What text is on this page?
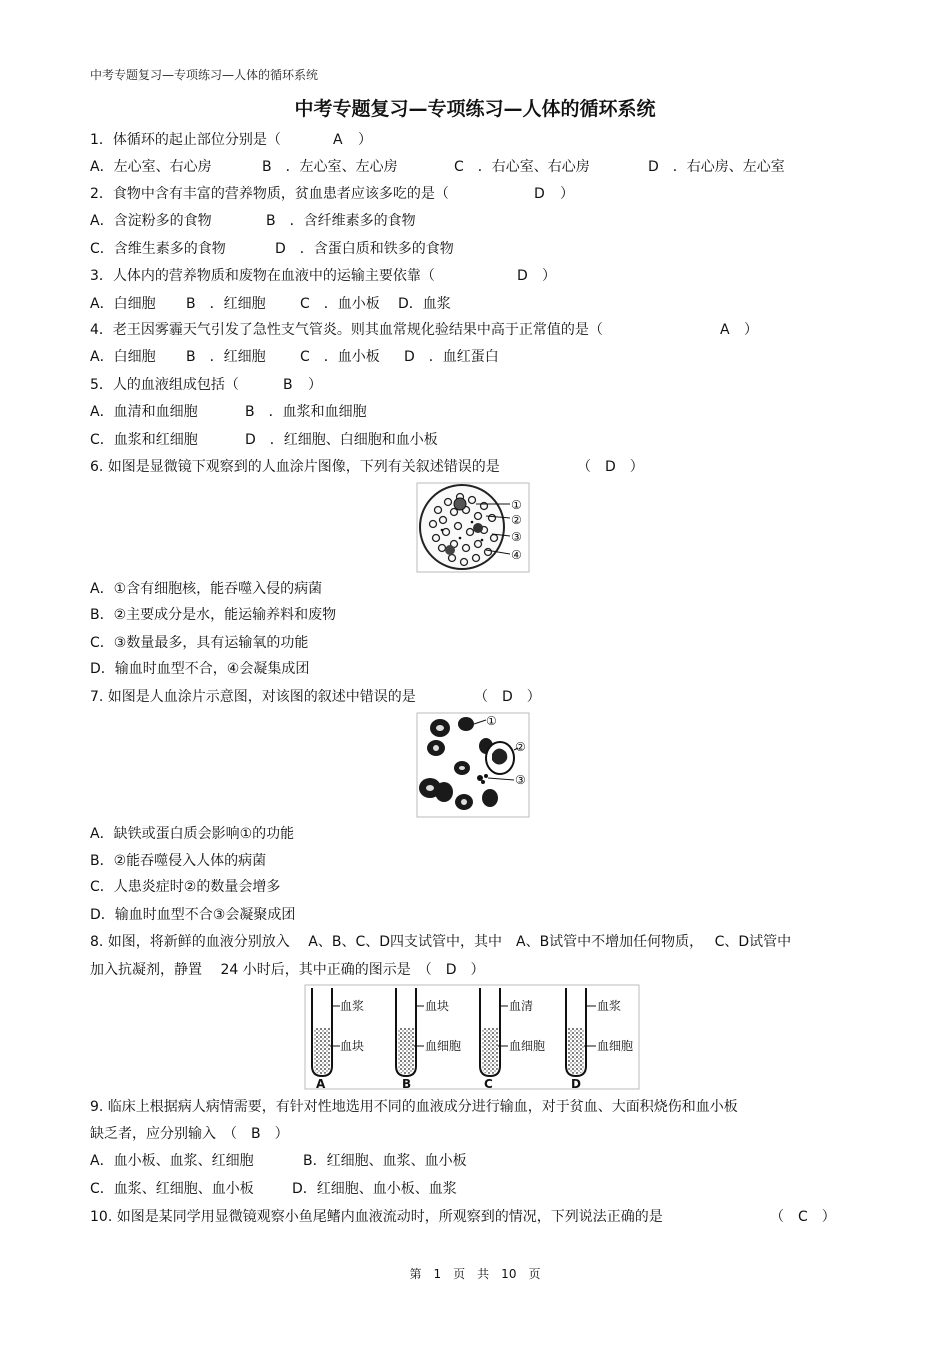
中考专题复习—专项练习—人体的循环系统
中考专题复习—专项练习—人体的循环系统
1．体循环的起止部位分别是（	A ）
A．左心室、右心房	B　．左心室、左心房	C　．右心室、右心房	D　．右心房、左心室
2．食物中含有丰富的营养物质，贫血患者应该多吃的是（	D ）
A．含淀粉多的食物	B　．含纤维素多的食物
C．含维生素多的食物	D　．含蛋白质和铁多的食物
3．人体内的营养物质和废物在血液中的运输主要依靠（	D ）
A．白细胞 B　．红细胞 C　．血小板 D．血浆
4．老王因雾霾天气引发了急性支气管炎。则其血常规化验结果中高于正常值的是（	A ）
A．白细胞 B　．红细胞 C　．血小板 D　．血红蛋白
5．人的血液组成包括（	B ）
A．血清和血细胞	B　．血浆和血细胞
C．血浆和红细胞	D　．红细胞、白细胞和血小板
6. 如图是显微镜下观察到的人血涂片图像，下列有关叙述错误的是	（　D　）
①
②
③
④
A．①含有细胞核，能吞噬入侵的病菌
B．②主要成分是水，能运输养料和废物
C．③数量最多，具有运输氧的功能
D．输血时血型不合，④会凝集成团
7. 如图是人血涂片示意图，对该图的叙述中错误的是	（　D　）
①
②
③
A．缺铁或蛋白质会影响①的功能
B．②能吞噬侵入人体的病菌
C．人患炎症时②的数量会增多
D．输血时血型不合③会凝聚成团
8. 如图，将新鲜的血液分别放入　 A、B、C、D四支试管中，其中　A、B试管中不增加任何物质，　 C、D试管中
加入抗凝剂，静置　 24 小时后，其中正确的图示是　（　D　）
血浆
血块
A
血块
血细胞
B
血清
血细胞
C
血浆
血细胞
D
9. 临床上根据病人病情需要，有针对性地选用不同的血液成分进行输血，对于贫血、大面积烧伤和血小板
缺乏者，应分别输入　（　B　）
A．血小板、血浆、红细胞	B．红细胞、血浆、血小板
C．血浆、红细胞、血小板	D．红细胞、血小板、血浆
10. 如图是某同学用显微镜观察小鱼尾鳍内血液流动时，所观察到的情况，下列说法正确的是	（　C　）
第　1　页　共　10　页
